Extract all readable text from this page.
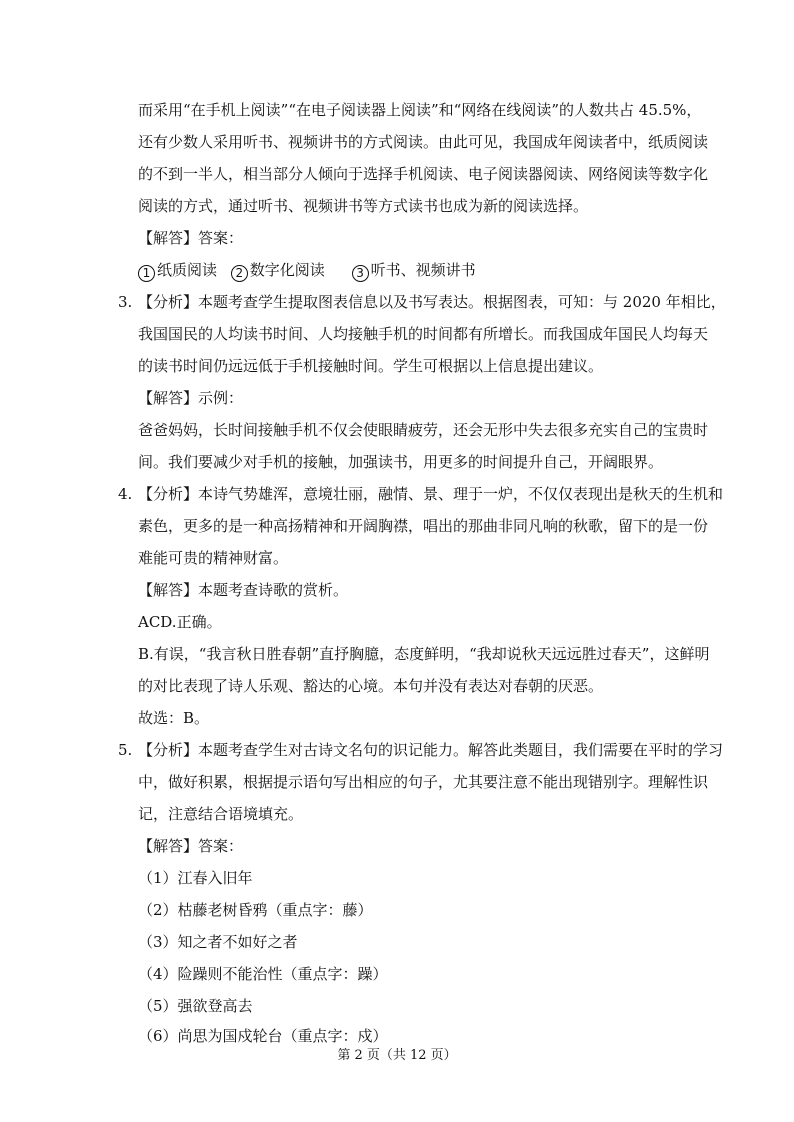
而采用“在手机上阅读”“在电子阅读器上阅读”和“网络在线阅读”的人数共占 45.5%，
还有少数人采用听书、视频讲书的方式阅读。由此可见，我国成年阅读者中，纸质阅读
的不到一半人，相当部分人倾向于选择手机阅读、电子阅读器阅读、网络阅读等数字化
阅读的方式，通过听书、视频讲书等方式读书也成为新的阅读选择。
【解答】答案：
1 纸质阅读 2 数字化阅读	3 听书、视频讲书
3. 【分析】本题考查学生提取图表信息以及书写表达。根据图表，可知：与 2020 年相比，
我国国民的人均读书时间、人均接触手机的时间都有所增长。而我国成年国民人均每天
的读书时间仍远远低于手机接触时间。学生可根据以上信息提出建议。
【解答】示例：
爸爸妈妈，长时间接触手机不仅会使眼睛疲劳，还会无形中失去很多充实自己的宝贵时
间。我们要减少对手机的接触，加强读书，用更多的时间提升自己，开阔眼界。
4. 【分析】本诗气势雄浑，意境壮丽，融情、景、理于一炉，不仅仅表现出是秋天的生机和
素色，更多的是一种高扬精神和开阔胸襟，唱出的那曲非同凡响的秋歌，留下的是一份
难能可贵的精神财富。
【解答】本题考查诗歌的赏析。
ACD.正确。
B.有误，“我言秋日胜春朝”直抒胸臆，态度鲜明，“我却说秋天远远胜过春天”，这鲜明
的对比表现了诗人乐观、豁达的心境。本句并没有表达对春朝的厌恶。
故选：B。
5. 【分析】本题考查学生对古诗文名句的识记能力。解答此类题目，我们需要在平时的学习
中，做好积累，根据提示语句写出相应的句子，尤其要注意不能出现错别字。理解性识
记，注意结合语境填充。
【解答】答案：
（1）江春入旧年
（2）枯藤老树昏鸦（重点字：藤）
（3）知之者不如好之者
（4）险躁则不能治性（重点字：躁）
（5）强欲登高去
（6）尚思为国戍轮台（重点字：戍）
第 2 页（共 12 页）
